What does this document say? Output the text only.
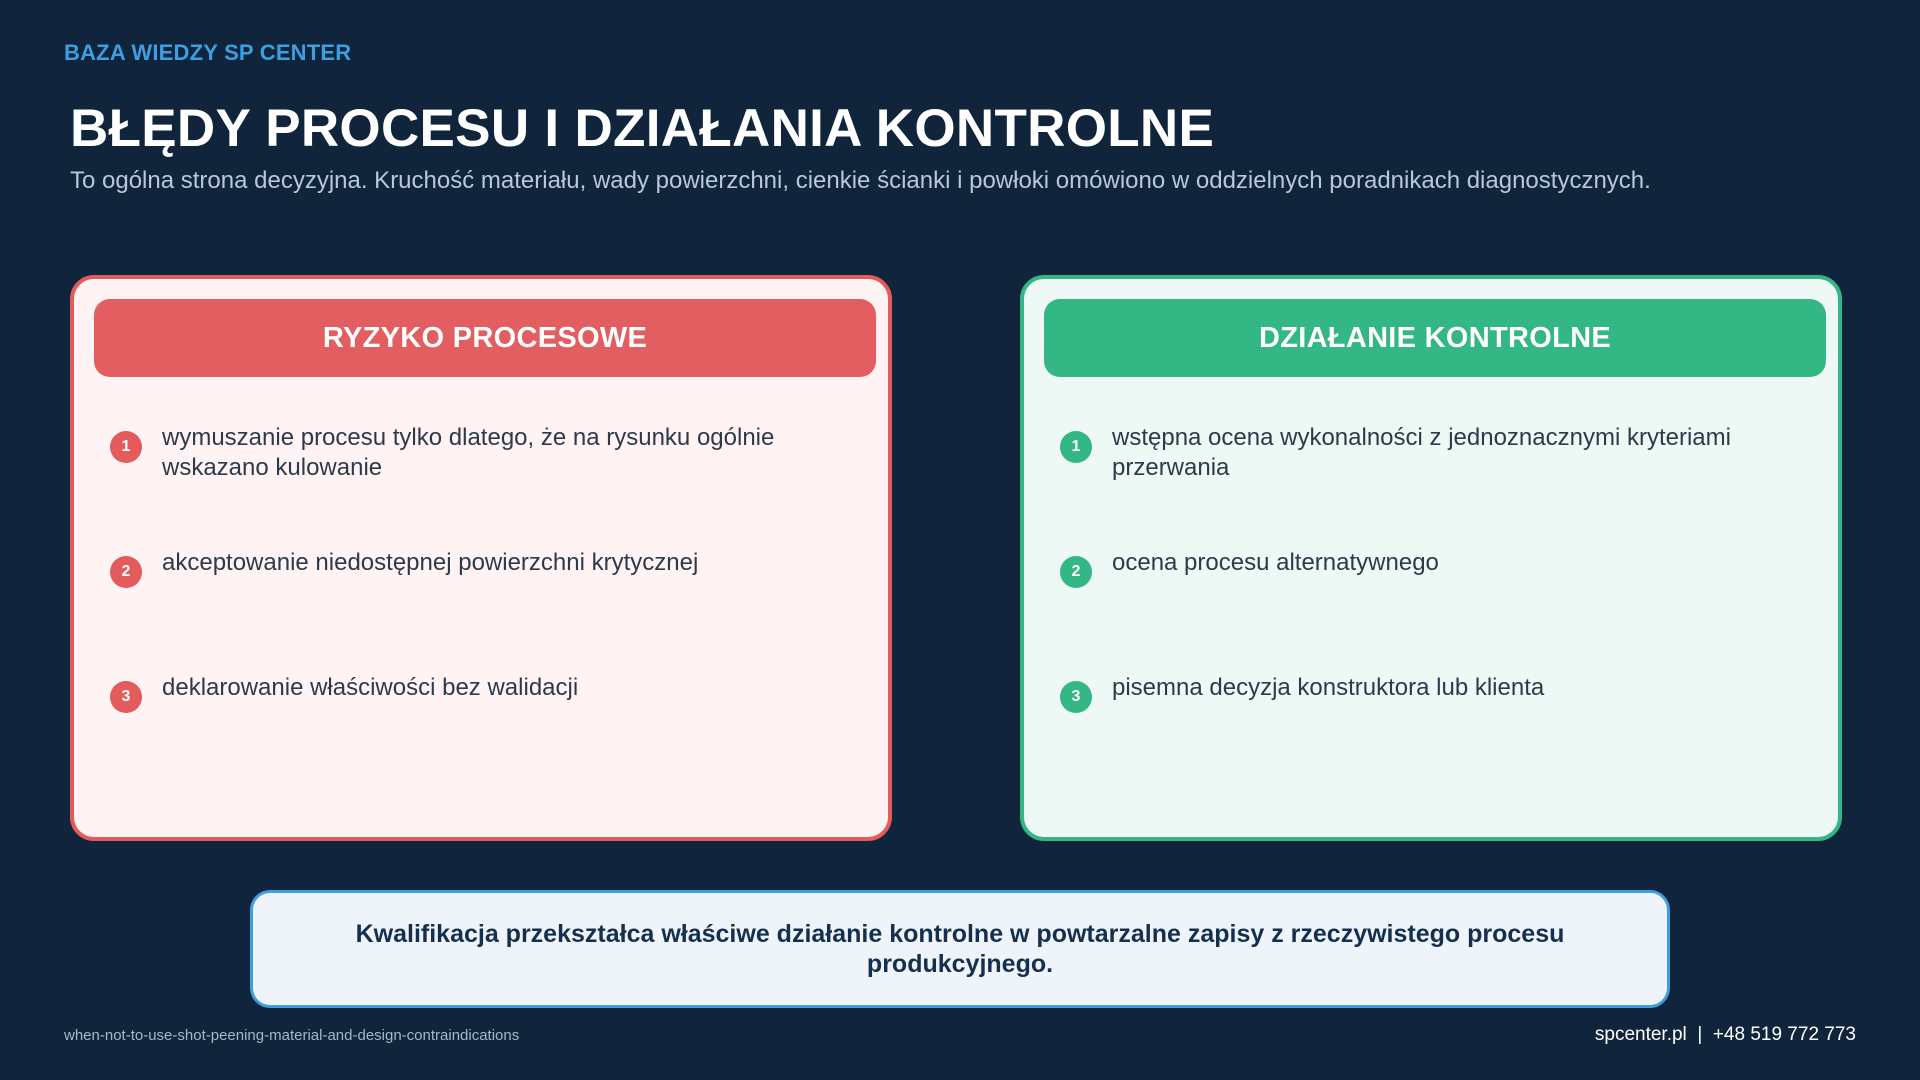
BAZA WIEDZY SP CENTER
BŁĘDY PROCESU I DZIAŁANIA KONTROLNE
To ogólna strona decyzyjna. Kruchość materiału, wady powierzchni, cienkie ścianki i powłoki omówiono w oddzielnych poradnikach diagnostycznych.
RYZYKO PROCESOWE
1	wymuszanie procesu tylko dlatego, że na rysunku ogólnie wskazano kulowanie
2	akceptowanie niedostępnej powierzchni krytycznej
3	deklarowanie właściwości bez walidacji
DZIAŁANIE KONTROLNE
1	wstępna ocena wykonalności z jednoznacznymi kryteriami przerwania
2	ocena procesu alternatywnego
3	pisemna decyzja konstruktora lub klienta
Kwalifikacja przekształca właściwe działanie kontrolne w powtarzalne zapisy z rzeczywistego procesu produkcyjnego.
when-not-to-use-shot-peening-material-and-design-contraindications	spcenter.pl  |  +48 519 772 773
